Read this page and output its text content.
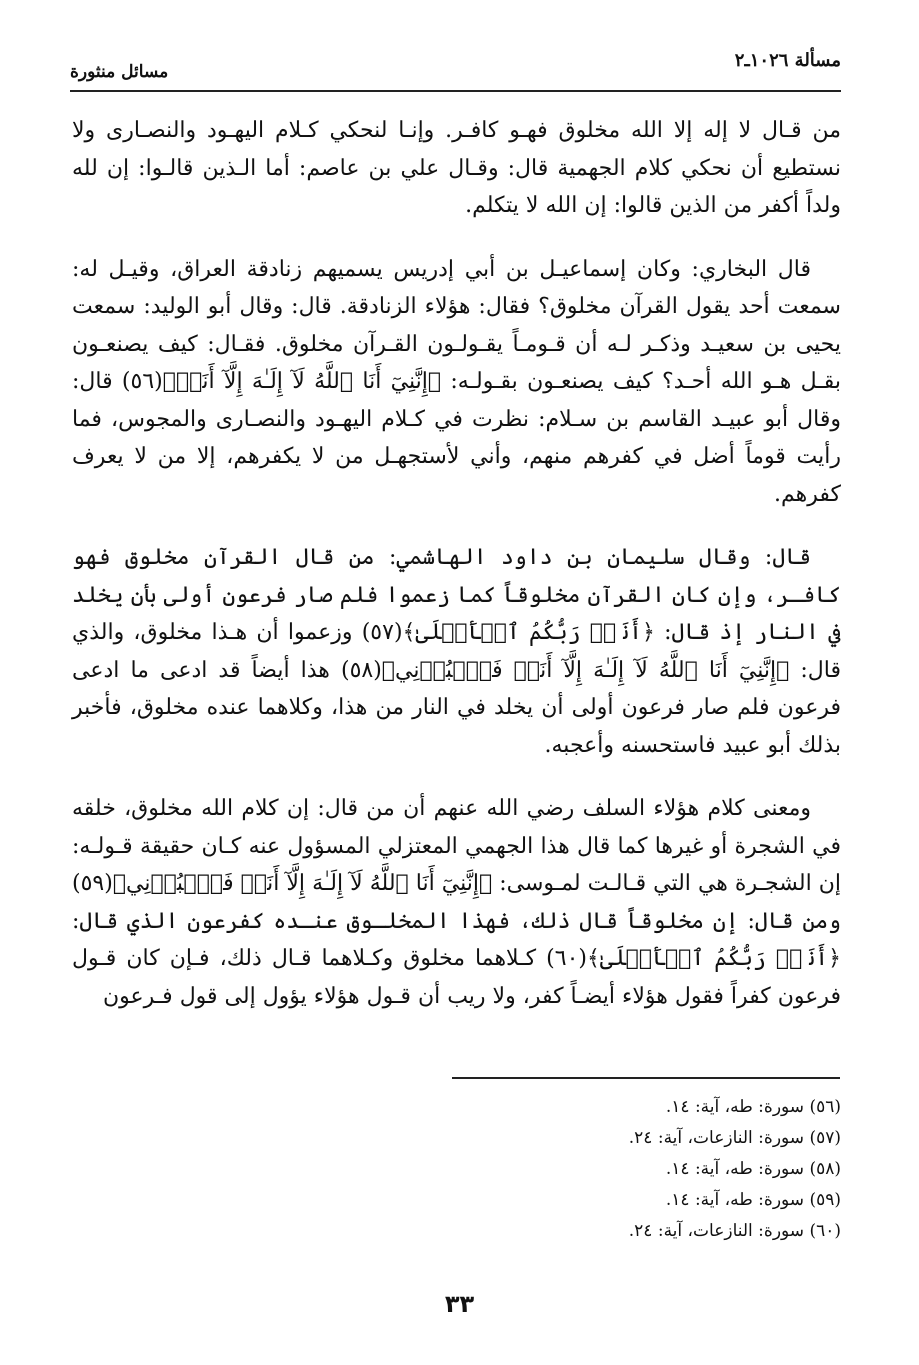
مسألة ١٠٢٦ـ٢
مسائل منثورة

من قـال لا إله إلا الله مخلوق فهـو كافـر. وإنـا لنحكي كـلام اليهـود والنصـارى ولا نستطيع أن نحكي كلام الجهمية قال: وقـال علي بن عاصم: أما الـذين قالـوا: إن لله ولداً أكفر من الذين قالوا: إن الله لا يتكلم.

قال البخاري: وكان إسماعيـل بن أبي إدريس يسميهم زنادقة العراق، وقيـل له: سمعت أحد يقول القرآن مخلوق؟ فقال: هؤلاء الزنادقة. قال: وقال أبو الوليد: سمعت يحيى بن سعيـد وذكـر لـه أن قـومـاً يقـولـون القـرآن مخلوق. فقـال: كيف يصنعـون بقـل هـو الله أحـد؟ كيف يصنعـون بقـولـه: ﴿إِنَّنِيٓ أَنَا ٱللَّهُ لَآ إِلَـٰهَ إِلَّآ أَنَا۠﴾(٥٦) قال: وقال أبو عبيـد القاسم بن سـلام: نظرت في كـلام اليهـود والنصـارى والمجوس، فما رأيت قوماً أضل في كفرهم منهم، وأني لأستجهـل من لا يكفرهم، إلا من لا يعرف كفرهم.

قال: وقال سليمان بن داود الهاشمي: من قال القرآن مخلوق فهو كافـر، وإن كان القرآن مخلوقاً كما زعموا فلم صار فرعون أولى بأن يخلد في النار إذ قال: ﴿أَنَا۠ رَبُّكُمُ ٱلۡأَعۡلَىٰ﴾(٥٧) وزعموا أن هـذا مخلوق، والذي قال: ﴿إِنَّنِيٓ أَنَا ٱللَّهُ لَآ إِلَـٰهَ إِلَّآ أَنَا۠ فَٱعۡبُدۡنِي﴾(٥٨) هذا أيضاً قد ادعى ما ادعى فرعون فلم صار فرعون أولى أن يخلد في النار من هذا، وكلاهما عنده مخلوق، فأخبر بذلك أبو عبيد فاستحسنه وأعجبه.

ومعنى كلام هؤلاء السلف رضي الله عنهم أن من قال: إن كلام الله مخلوق، خلقه في الشجرة أو غيرها كما قال هذا الجهمي المعتزلي المسؤول عنه كـان حقيقة قـولـه: إن الشجـرة هي التي قـالـت لمـوسى: ﴿إِنَّنِيٓ أَنَا ٱللَّهُ لَآ إِلَـٰهَ إِلَّآ أَنَا۠ فَٱعۡبُدۡنِي﴾(٥٩) ومن قال: إن مخلوقاً قال ذلك، فهذا المخلـوق عنـده كفرعون الذي قال: ﴿أَنَا۠ رَبُّكُمُ ٱلۡأَعۡلَىٰ﴾(٦٠) كـلاهما مخلوق وكـلاهما قـال ذلك، فـإن كان قـول فرعون كفراً فقول هؤلاء أيضـاً كفر، ولا ريب أن قـول هؤلاء يؤول إلى قول فـرعون

(٥٦) سورة: طه، آية: ١٤.
(٥٧) سورة: النازعات، آية: ٢٤.
(٥٨) سورة: طه، آية: ١٤.
(٥٩) سورة: طه، آية: ١٤.
(٦٠) سورة: النازعات، آية: ٢٤.
٣٣
